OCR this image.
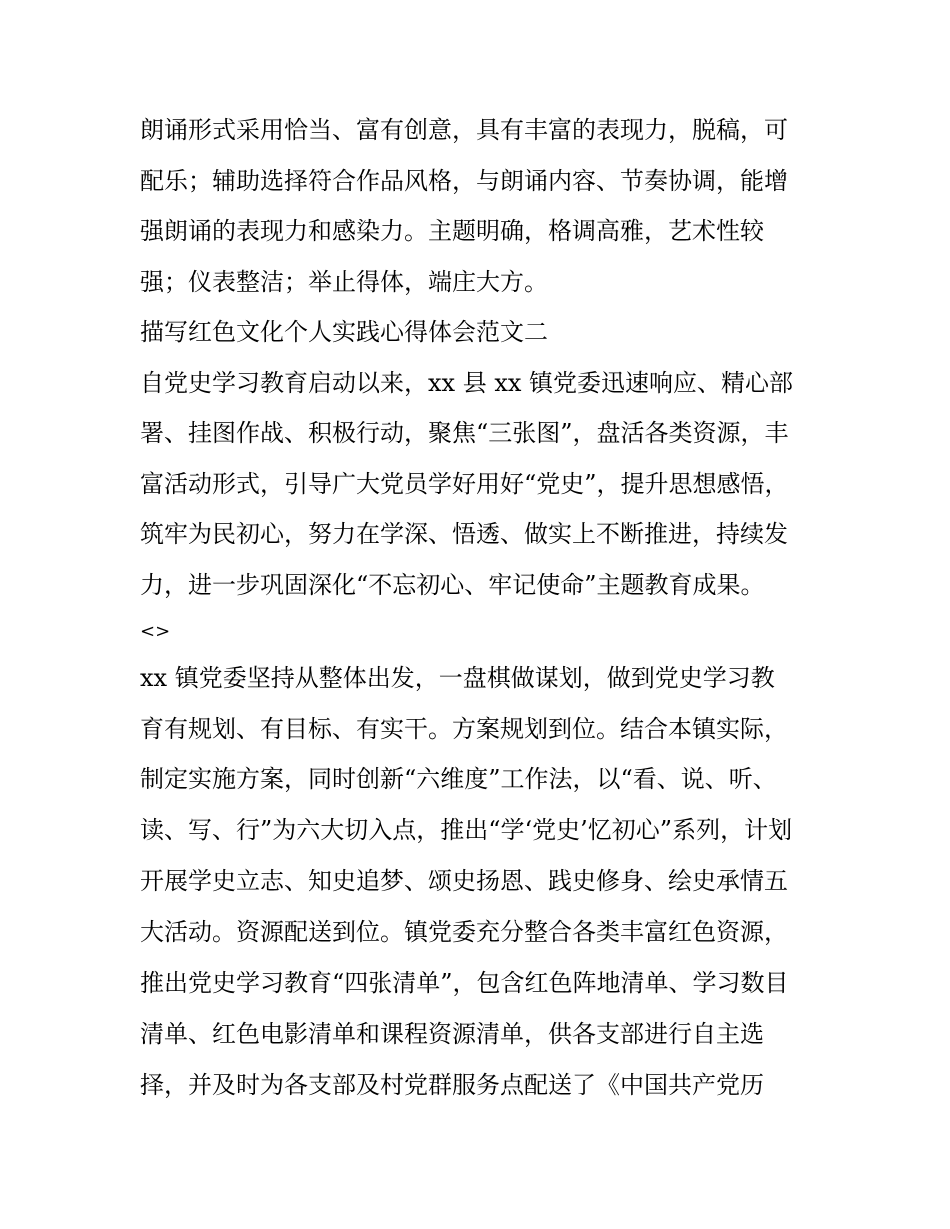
朗诵形式采用恰当、富有创意，具有丰富的表现力，脱稿，可
配乐；辅助选择符合作品风格，与朗诵内容、节奏协调，能增
强朗诵的表现力和感染力。主题明确，格调高雅，艺术性较
强；仪表整洁；举止得体，端庄大方。
描写红色文化个人实践心得体会范文二
自党史学习教育启动以来，xx 县 xx 镇党委迅速响应、精心部
署、挂图作战、积极行动，聚焦“三张图”，盘活各类资源，丰
富活动形式，引导广大党员学好用好“党史”，提升思想感悟，
筑牢为民初心，努力在学深、悟透、做实上不断推进，持续发
力，进一步巩固深化“不忘初心、牢记使命”主题教育成果。
<>
xx 镇党委坚持从整体出发，一盘棋做谋划，做到党史学习教
育有规划、有目标、有实干。方案规划到位。结合本镇实际，
制定实施方案，同时创新“六维度”工作法，以“看、说、听、
读、写、行”为六大切入点，推出“学‘党史’忆初心”系列，计划
开展学史立志、知史追梦、颂史扬恩、践史修身、绘史承情五
大活动。资源配送到位。镇党委充分整合各类丰富红色资源，
推出党史学习教育“四张清单”，包含红色阵地清单、学习数目
清单、红色电影清单和课程资源清单，供各支部进行自主选
择，并及时为各支部及村党群服务点配送了《中国共产党历
